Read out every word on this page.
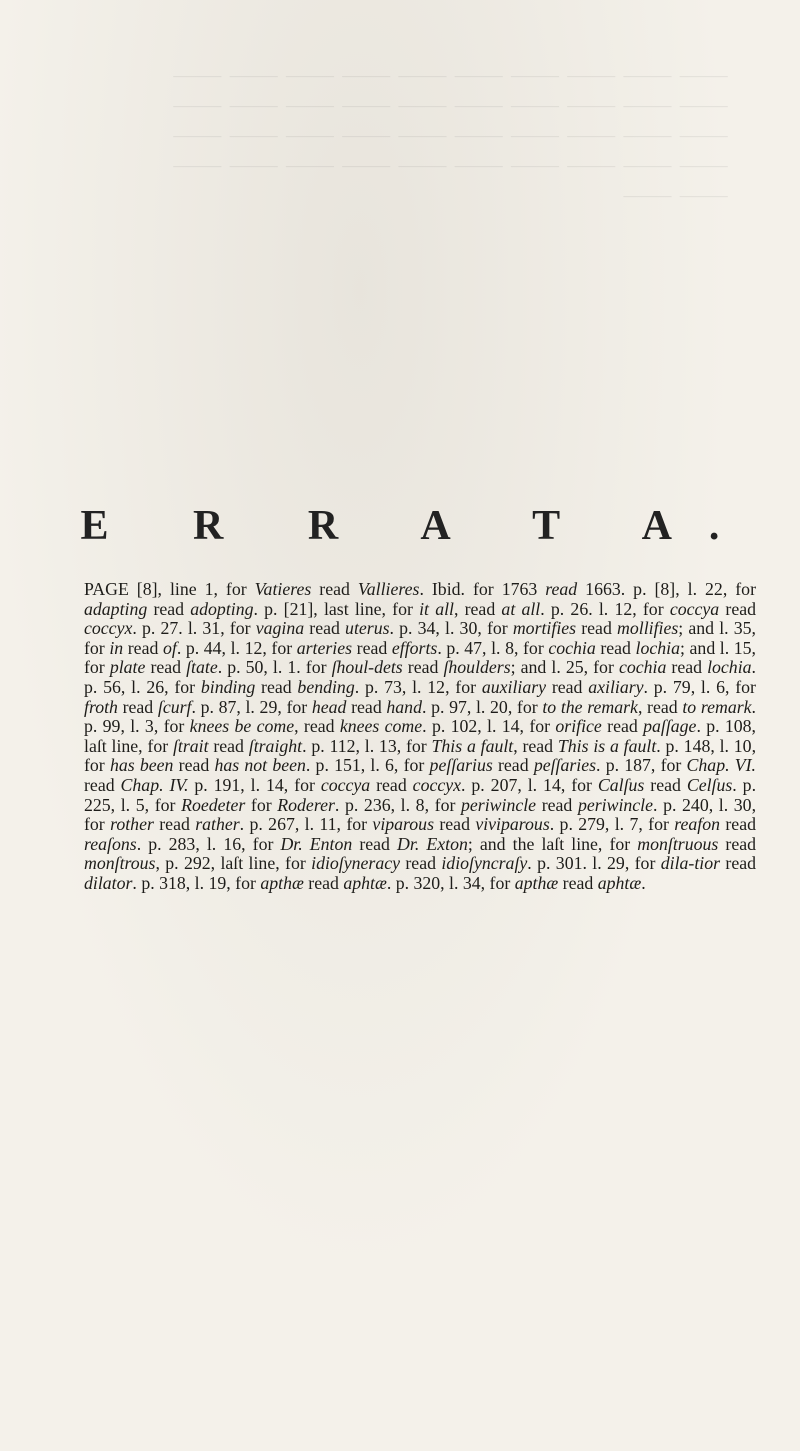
⸻ ⸻ ⸻ ⸻ ⸻ ⸻ ⸻ ⸻ ⸻ ⸻ ⸻ ⸻ ⸻ ⸻ ⸻ ⸻ ⸻ ⸻ ⸻ ⸻ ⸻ ⸻ ⸻ ⸻ ⸻ ⸻ ⸻ ⸻ ⸻ ⸻ ⸻ ⸻ ⸻ ⸻ ⸻ ⸻ ⸻ ⸻ ⸻ ⸻ ⸻ ⸻
E R R A T A.
PAGE [8], line 1, for Vatieres read Vallieres. Ibid. for 1763 read 1663. p. [8], l. 22, for adapting read adopting. p. [21], last line, for it all, read at all. p. 26. l. 12, for coccya read coccyx. p. 27. l. 31, for vagina read uterus. p. 34, l. 30, for mortifies read mollifies; and l. 35, for in read of. p. 44, l. 12, for arteries read efforts. p. 47, l. 8, for cochia read lochia; and l. 15, for plate read ſtate. p. 50, l. 1. for ſhoul-dets read ſhoulders; and l. 25, for cochia read lochia. p. 56, l. 26, for binding read bending. p. 73, l. 12, for auxiliary read axiliary. p. 79, l. 6, for froth read ſcurf. p. 87, l. 29, for head read hand. p. 97, l. 20, for to the remark, read to remark. p. 99, l. 3, for knees be come, read knees come. p. 102, l. 14, for orifice read paſſage. p. 108, laſt line, for ſtrait read ſtraight. p. 112, l. 13, for This a fault, read This is a fault. p. 148, l. 10, for has been read has not been. p. 151, l. 6, for peſſarius read peſſaries. p. 187, for Chap. VI. read Chap. IV. p. 191, l. 14, for coccya read coccyx. p. 207, l. 14, for Calſus read Celſus. p. 225, l. 5, for Roedeter for Roderer. p. 236, l. 8, for periwincle read periwincle. p. 240, l. 30, for rother read rather. p. 267, l. 11, for viparous read viviparous. p. 279, l. 7, for reafon read reaſons. p. 283, l. 16, for Dr. Enton read Dr. Exton; and the laſt line, for monſtruous read monſtrous, p. 292, laſt line, for idioſyneracy read idioſyncraſy. p. 301. l. 29, for dila-tior read dilator. p. 318, l. 19, for apthæ read aphtæ. p. 320, l. 34, for apthæ read aphtæ.
